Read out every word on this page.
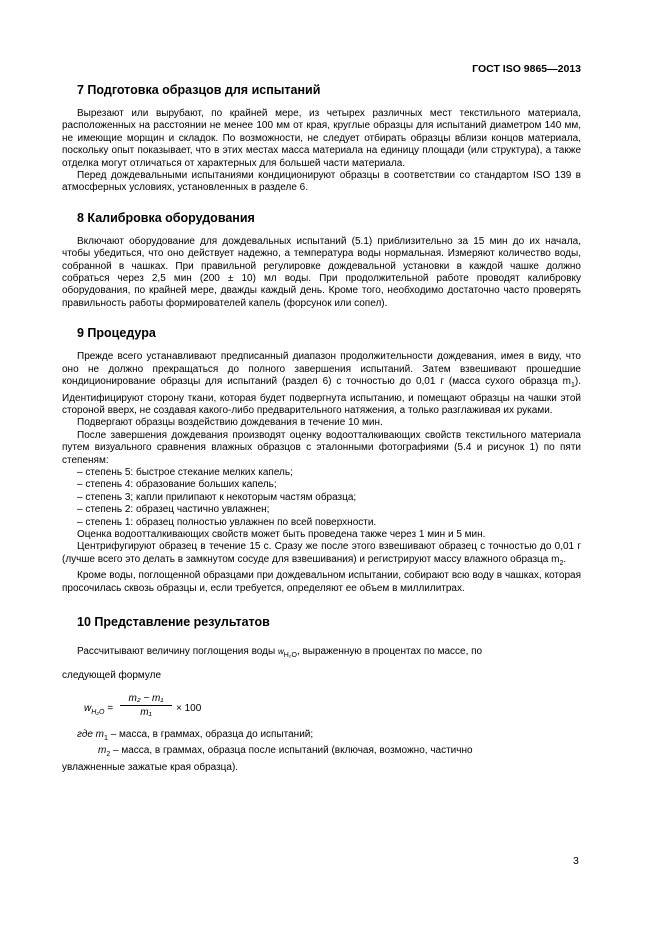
ГОСТ ISO 9865—2013
7 Подготовка образцов для испытаний

Вырезают или вырубают, по крайней мере, из четырех различных мест текстильного материала, расположенных на расстоянии не менее 100 мм от края, круглые образцы для испытаний диаметром 140 мм, не имеющие морщин и складок. По возможности, не следует отбирать образцы вблизи концов материала, поскольку опыт показывает, что в этих местах масса материала на единицу площади (или структура), а также отделка могут отличаться от характерных для большей части материала.

Перед дождевальными испытаниями кондиционируют образцы в соответствии со стандартом ISO 139 в атмосферных условиях, установленных в разделе 6.

8 Калибровка оборудования

Включают оборудование для дождевальных испытаний (5.1) приблизительно за 15 мин до их начала, чтобы убедиться, что оно действует надежно, а температура воды нормальная. Измеряют количество воды, собранной в чашках. При правильной регулировке дождевальной установки в каждой чашке должно собраться через 2,5 мин (200 ± 10) мл воды. При продолжительной работе проводят калибровку оборудования, по крайней мере, дважды каждый день. Кроме того, необходимо достаточно часто проверять правильность работы формирователей капель (форсунок или сопел).

9 Процедура

Прежде всего устанавливают предписанный диапазон продолжительности дождевания, имея в виду, что оно не должно прекращаться до полного завершения испытаний. Затем взвешивают прошедшие кондиционирование образцы для испытаний (раздел 6) с точностью до 0,01 г (масса сухого образца $m_1$). Идентифицируют сторону ткани, которая будет подвергнута испытанию, и помещают образцы на чашки этой стороной вверх, не создавая какого-либо предварительного натяжения, а только разглаживая их руками.

Подвергают образцы воздействию дождевания в течение 10 мин.

После завершения дождевания производят оценку водоотталкивающих свойств текстильного материала путем визуального сравнения влажных образцов с эталонными фотографиями (5.4 и рисунок 1) по пяти степеням:

– степень 5: быстрое стекание мелких капель;
– степень 4: образование больших капель;
– степень 3; капли прилипают к некоторым частям образца;
– степень 2: образец частично увлажнен;
– степень 1: образец полностью увлажнен по всей поверхности.

Оценка водоотталкивающих свойств может быть проведена также через 1 мин и 5 мин.

Центрифугируют образец в течение 15 с. Сразу же после этого взвешивают образец с точностью до 0,01 г (лучше всего это делать в замкнутом сосуде для взвешивания) и регистрируют массу влажного образца $m_2$.

Кроме воды, поглощенной образцами при дождевальном испытании, собирают всю воду в чашках, которая просочилась сквозь образцы и, если требуется, определяют ее объем в миллилитрах.

10 Представление результатов

Рассчитывают величину поглощения воды $w_{H_2O}$, выраженную в процентах по массе, по

следующей формуле

$w_{H_2O} = \frac{\text{m₂ − m₁}}{\text{m₁}} \times 100$
где $m_1$ – масса, в граммах, образца до испытаний;
$m_2$ – масса, в граммах, образца после испытаний (включая, возможно, частично
увлажненные зажатые края образца).
3
